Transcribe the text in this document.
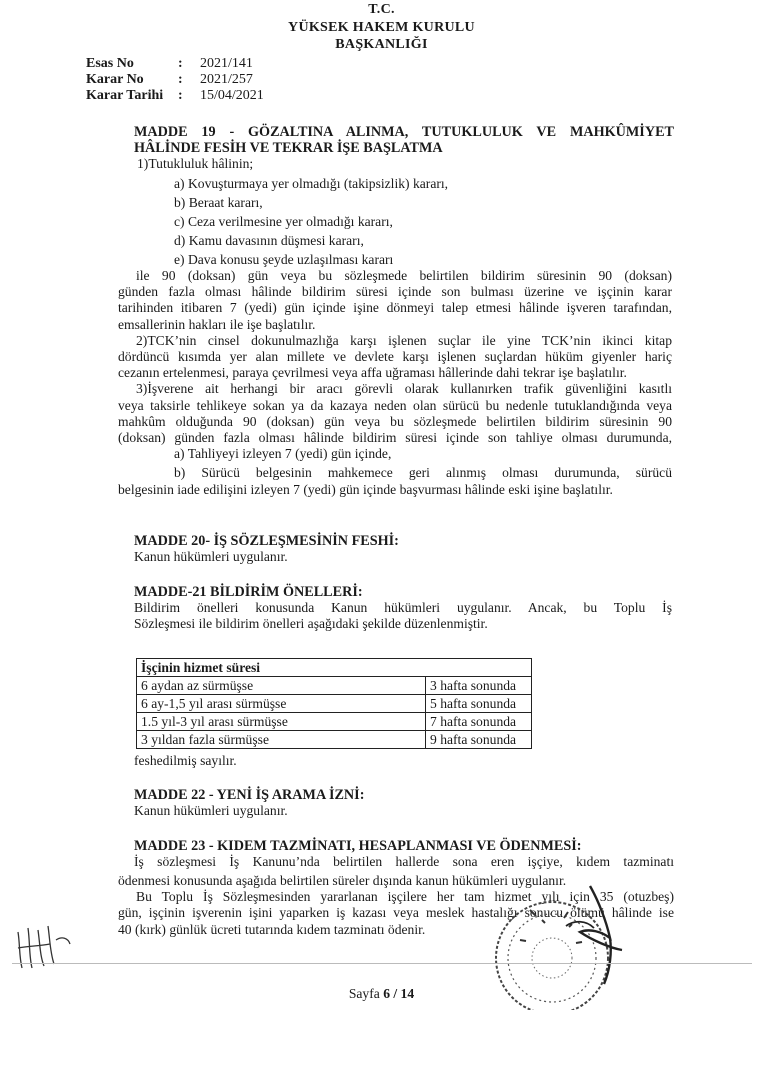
T.C.
YÜKSEK HAKEM KURULU
BAŞKANLIĞI
Esas No	:	2021/141
Karar No	:	2021/257
Karar Tarihi	:	15/04/2021
MADDE 19 - GÖZALTINA ALINMA, TUTUKLULUK VE MAHKÛMİYET
HÂLİNDE FESİH VE TEKRAR İŞE BAŞLATMA
1)Tutukluluk hâlinin;
a) Kovuşturmaya yer olmadığı (takipsizlik) kararı,
b) Beraat kararı,
c) Ceza verilmesine yer olmadığı kararı,
d) Kamu davasının düşmesi kararı,
e) Dava konusu şeyde uzlaşılması kararı
ile 90 (doksan) gün veya bu sözleşmede belirtilen bildirim süresinin 90 (doksan)
günden fazla olması hâlinde bildirim süresi içinde son bulması üzerine ve işçinin karar
tarihinden itibaren 7 (yedi) gün içinde işine dönmeyi talep etmesi hâlinde işveren tarafından,
emsallerinin hakları ile işe başlatılır.
2)TCK’nin cinsel dokunulmazlığa karşı işlenen suçlar ile yine TCK’nin ikinci kitap
dördüncü kısımda yer alan millete ve devlete karşı işlenen suçlardan hüküm giyenler hariç
cezanın ertelenmesi, paraya çevrilmesi veya affa uğraması hâllerinde dahi tekrar işe başlatılır.
3)İşverene ait herhangi bir aracı görevli olarak kullanırken trafik güvenliğini kasıtlı
veya taksirle tehlikeye sokan ya da kazaya neden olan sürücü bu nedenle tutuklandığında veya
mahkûm olduğunda 90 (doksan) gün veya bu sözleşmede belirtilen bildirim süresinin 90
(doksan) günden fazla olması hâlinde bildirim süresi içinde son tahliye olması durumunda,
a) Tahliyeyi izleyen 7 (yedi) gün içinde,
b) Sürücü belgesinin mahkemece geri alınmış olması durumunda, sürücü
belgesinin iade edilişini izleyen 7 (yedi) gün içinde başvurması hâlinde eski işine başlatılır.
MADDE 20- İŞ SÖZLEŞMESİNİN FESHİ:
Kanun hükümleri uygulanır.
MADDE-21 BİLDİRİM ÖNELLERİ:
Bildirim önelleri konusunda Kanun hükümleri uygulanır. Ancak, bu Toplu İş
Sözleşmesi ile bildirim önelleri aşağıdaki şekilde düzenlenmiştir.
İşçinin hizmet süresi	
6 aydan az sürmüşse	3 hafta sonunda
6 ay-1,5 yıl arası sürmüşse	5 hafta sonunda
1.5 yıl-3 yıl arası sürmüşse	7 hafta sonunda
3 yıldan fazla sürmüşse	9 hafta sonunda
feshedilmiş sayılır.
MADDE 22 - YENİ İŞ ARAMA İZNİ:
Kanun hükümleri uygulanır.
MADDE 23 - KIDEM TAZMİNATI, HESAPLANMASI VE ÖDENMESİ:
İş sözleşmesi İş Kanunu’nda belirtilen hallerde sona eren işçiye, kıdem tazminatı
ödenmesi konusunda aşağıda belirtilen süreler dışında kanun hükümleri uygulanır.
Bu Toplu İş Sözleşmesinden yararlanan işçilere her tam hizmet yılı için 35 (otuzbeş)
gün, işçinin işverenin işini yaparken iş kazası veya meslek hastalığı sonucu ölümü hâlinde ise
40 (kırk) günlük ücreti tutarında kıdem tazminatı ödenir.
Sayfa 6 / 14
